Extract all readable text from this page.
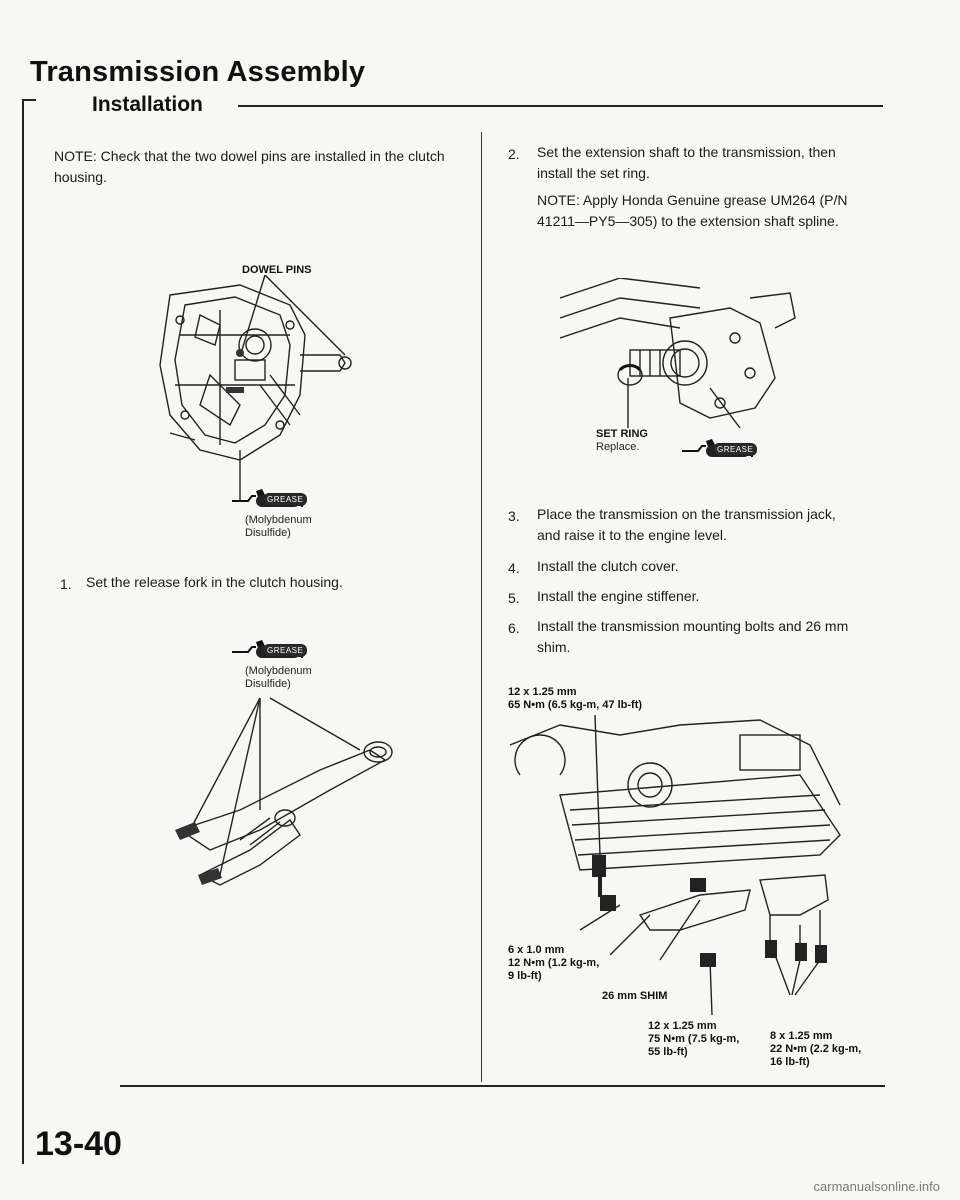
Transmission Assembly
Installation
NOTE: Check that the two dowel pins are installed in the clutch housing.
DOWEL PINS
GREASE
(Molybdenum
Disulfide)
1. Set the release fork in the clutch housing.
GREASE
(Molybdenum
Disulfide)
2. Set the extension shaft to the transmission, then
install the set ring.
NOTE: Apply Honda Genuine grease UM264 (P/N
41211—PY5—305) to the extension shaft spline.
SET RING
Replace.	GREASE
3. Place the transmission on the transmission jack,
and raise it to the engine level.
4. Install the clutch cover.
5. Install the engine stiffener.
6. Install the transmission mounting bolts and 26 mm
shim.
12 x 1.25 mm
65 N•m (6.5 kg-m, 47 lb-ft)
6 x 1.0 mm
12 N•m (1.2 kg-m,
9 lb-ft)
26 mm SHIM
12 x 1.25 mm
75 N•m (7.5 kg-m,
55 lb-ft)
8 x 1.25 mm
22 N•m (2.2 kg-m,
16 lb-ft)
13-40
carmanualsonline.info
